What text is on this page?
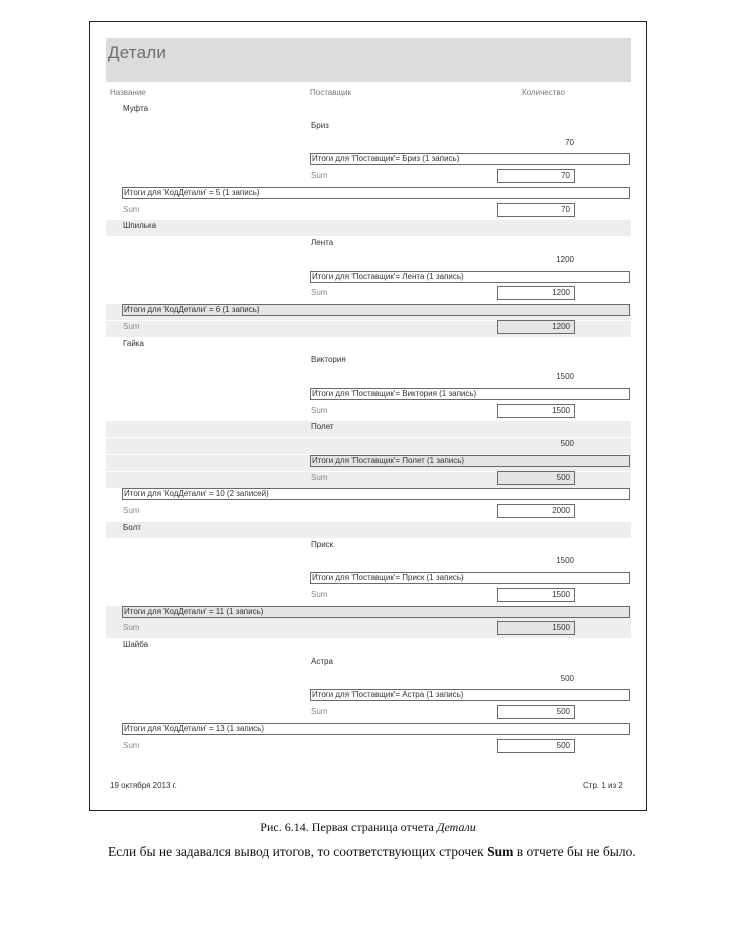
Детали
Название	Поставщик	Количество
Муфта
Бриз
70
Итоги для 'Поставщик'= Бриз (1 запись)
Sum	70
Итоги для 'КодДетали' = 5 (1 запись)
Sum	70
Шпилька
Лента
1200
Итоги для 'Поставщик'= Лента (1 запись)
Sum	1200
Итоги для 'КодДетали' = 6 (1 запись)
Sum	1200
Гайка
Виктория
1500
Итоги для 'Поставщик'= Виктория (1 запись)
Sum	1500
Полет
500
Итоги для 'Поставщик'= Полет (1 запись)
Sum	500
Итоги для 'КодДетали' = 10 (2 записей)
Sum	2000
Болт
Приск
1500
Итоги для 'Поставщик'= Приск (1 запись)
Sum	1500
Итоги для 'КодДетали' = 11 (1 запись)
Sum	1500
Шайба
Астра
500
Итоги для 'Поставщик'= Астра (1 запись)
Sum	500
Итоги для 'КодДетали' = 13 (1 запись)
Sum	500
19 октября 2013 г.	Стр. 1 из 2
Рис. 6.14. Первая страница отчета Детали
Если бы не задавался вывод итогов, то соответствующих строчек Sum в отчете бы не было.
